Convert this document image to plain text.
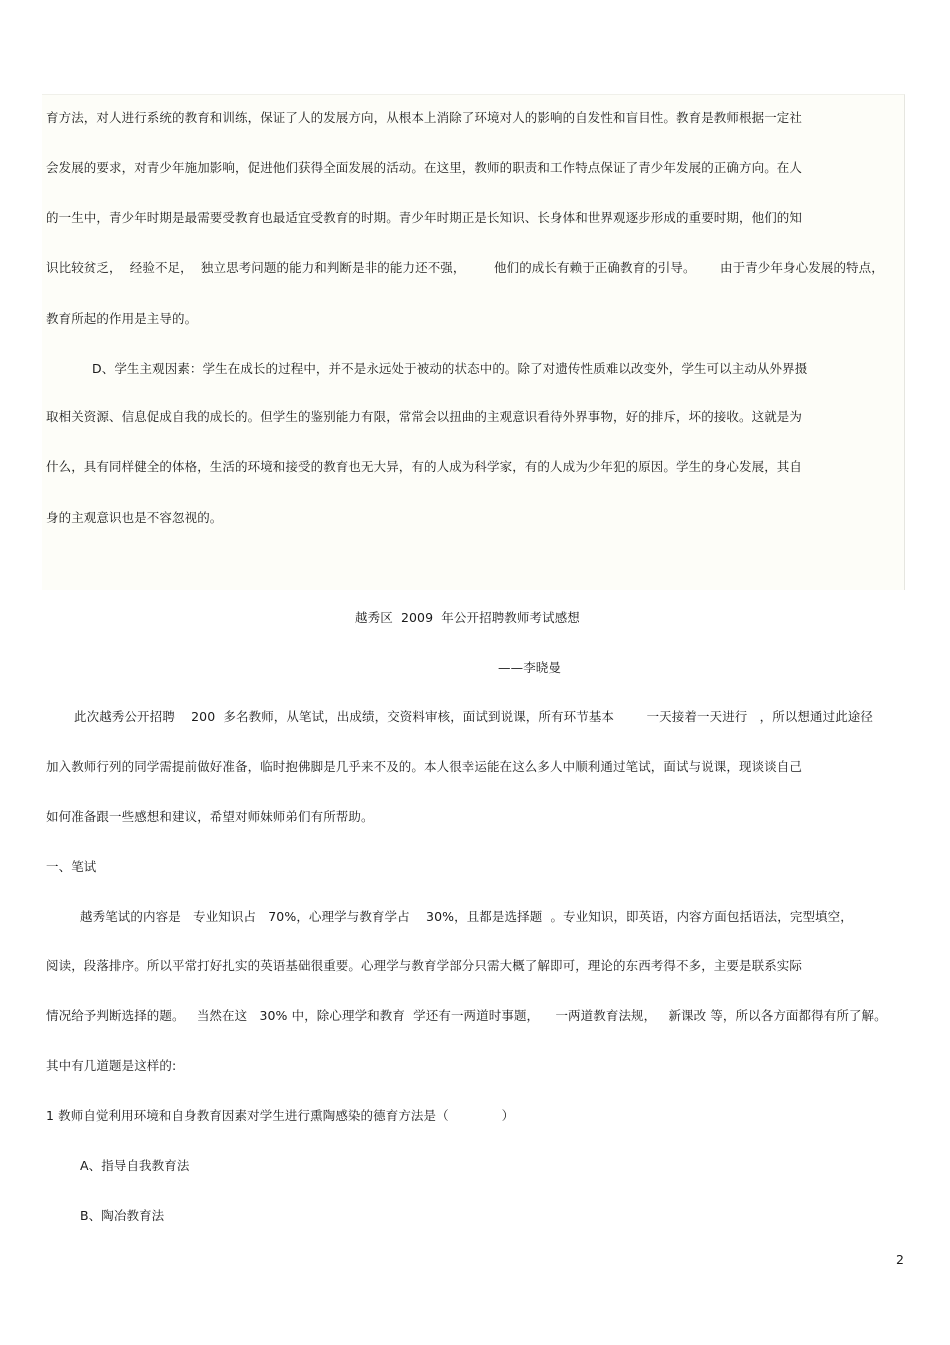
育方法，对人进行系统的教育和训练，保证了人的发展方向，从根本上消除了环境对人的影响的自发性和盲目性。教育是教师根据一定社
会发展的要求，对青少年施加影响，促进他们获得全面发展的活动。在这里，教师的职责和工作特点保证了青少年发展的正确方向。在人
的一生中，青少年时期是最需要受教育也最适宜受教育的时期。青少年时期正是长知识、长身体和世界观逐步形成的重要时期，他们的知
识比较贫乏，  经验不足，  独立思考问题的能力和判断是非的能力还不强，       他们的成长有赖于正确教育的引导。      由于青少年身心发展的特点，
教育所起的作用是主导的。
D、学生主观因素：学生在成长的过程中，并不是永远处于被动的状态中的。除了对遗传性质难以改变外，学生可以主动从外界摄
取相关资源、信息促成自我的成长的。但学生的鉴别能力有限，常常会以扭曲的主观意识看待外界事物，好的排斥，坏的接收。这就是为
什么，具有同样健全的体格，生活的环境和接受的教育也无大异，有的人成为科学家，有的人成为少年犯的原因。学生的身心发展，其自
身的主观意识也是不容忽视的。
越秀区  2009  年公开招聘教师考试感想
——李晓曼
此次越秀公开招聘    200  多名教师，从笔试，出成绩，交资料审核，面试到说课，所有环节基本        一天接着一天进行   ，所以想通过此途径
加入教师行列的同学需提前做好准备，临时抱佛脚是几乎来不及的。本人很幸运能在这么多人中顺利通过笔试，面试与说课，现谈谈自己
如何准备跟一些感想和建议，希望对师妹师弟们有所帮助。
一、笔试
越秀笔试的内容是   专业知识占   70%，心理学与教育学占    30%，且都是选择题  。专业知识，即英语，内容方面包括语法，完型填空，
阅读，段落排序。所以平常打好扎实的英语基础很重要。心理学与教育学部分只需大概了解即可，理论的东西考得不多，主要是联系实际
情况给予判断选择的题。   当然在这   30% 中，除心理学和教育  学还有一两道时事题，    一两道教育法规，   新课改 等，所以各方面都得有所了解。
其中有几道题是这样的:
1 教师自觉利用环境和自身教育因素对学生进行熏陶感染的德育方法是（             ）
A、指导自我教育法
B、陶冶教育法
2
